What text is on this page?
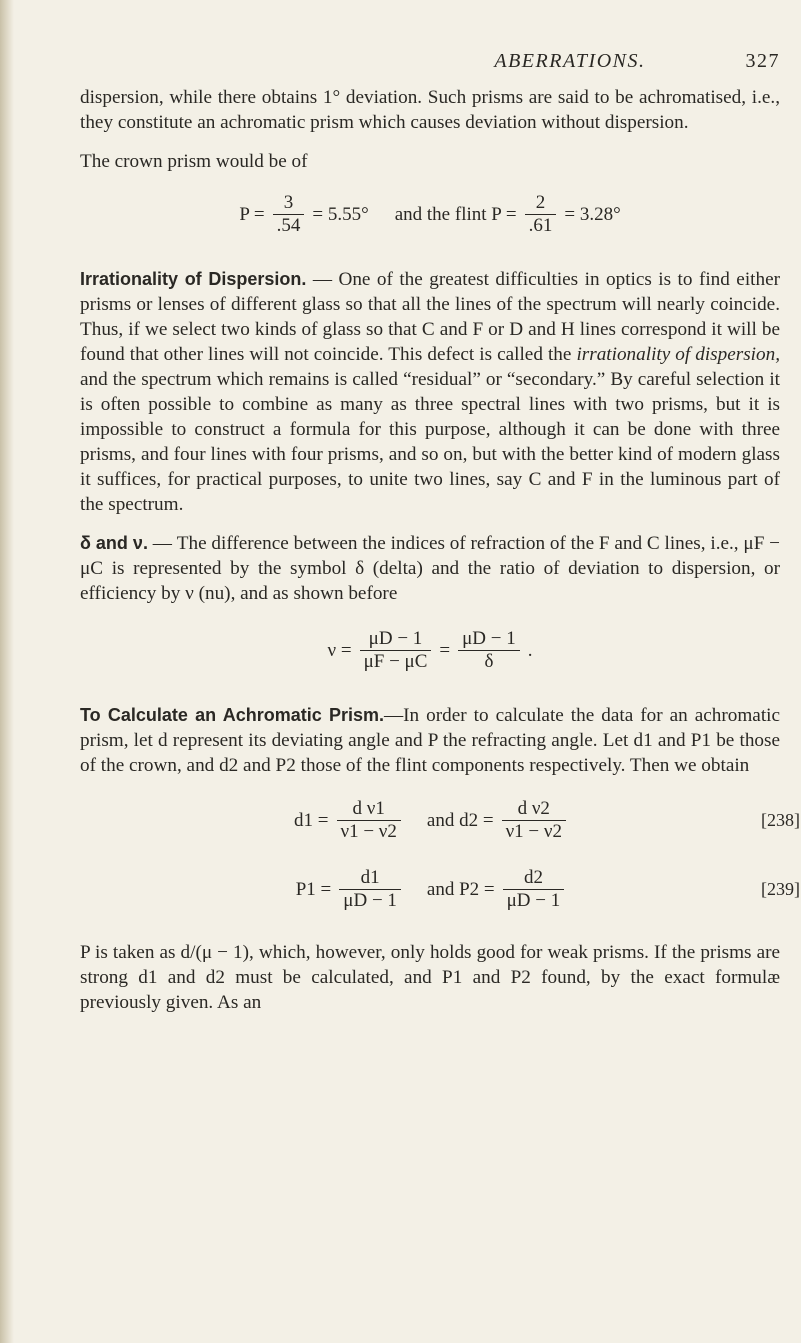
ABERRATIONS.	327

dispersion, while there obtains 1° deviation. Such prisms are said to be achromatised, i.e., they constitute an achromatic prism which causes deviation without dispersion.

The crown prism would be of

$P = \frac{3}{.54} = 5.55^\circ$ and the flint $P = \frac{2}{.61} = 3.28^\circ$

Irrationality of Dispersion. — One of the greatest difficulties in optics is to find either prisms or lenses of different glass so that all the lines of the spectrum will nearly coincide. Thus, if we select two kinds of glass so that C and F or D and H lines correspond it will be found that other lines will not coincide. This defect is called the irrationality of dispersion, and the spectrum which remains is called “residual” or “secondary.” By careful selection it is often possible to combine as many as three spectral lines with two prisms, but it is impossible to construct a formula for this purpose, although it can be done with three prisms, and four lines with four prisms, and so on, but with the better kind of modern glass it suffices, for practical purposes, to unite two lines, say C and F in the luminous part of the spectrum.

δ and ν. — The difference between the indices of refraction of the F and C lines, i.e., μF − μC is represented by the symbol δ (delta) and the ratio of deviation to dispersion, or efficiency by ν (nu), and as shown before

$\nu = \frac{\mu D - 1}{\mu F - \mu C} = \frac{\mu D - 1}{\delta}$ .

To Calculate an Achromatic Prism.—In order to calculate the data for an achromatic prism, let d represent its deviating angle and P the refracting angle. Let d1 and P1 be those of the crown, and d2 and P2 those of the flint components respectively. Then we obtain

$d1 = \frac{\text{d ν1}}{\nu 1 - \nu 2}$ and $d2 = \frac{\text{d ν2}}{\nu 1 - \nu 2}$	[238]
$P1 = \frac{d1}{\mu D - 1}$ and $P2 = \frac{d2}{\mu D - 1}$	[239]

P is taken as d/(μ − 1), which, however, only holds good for weak prisms. If the prisms are strong d1 and d2 must be calculated, and P1 and P2 found, by the exact formulæ previously given. As an
